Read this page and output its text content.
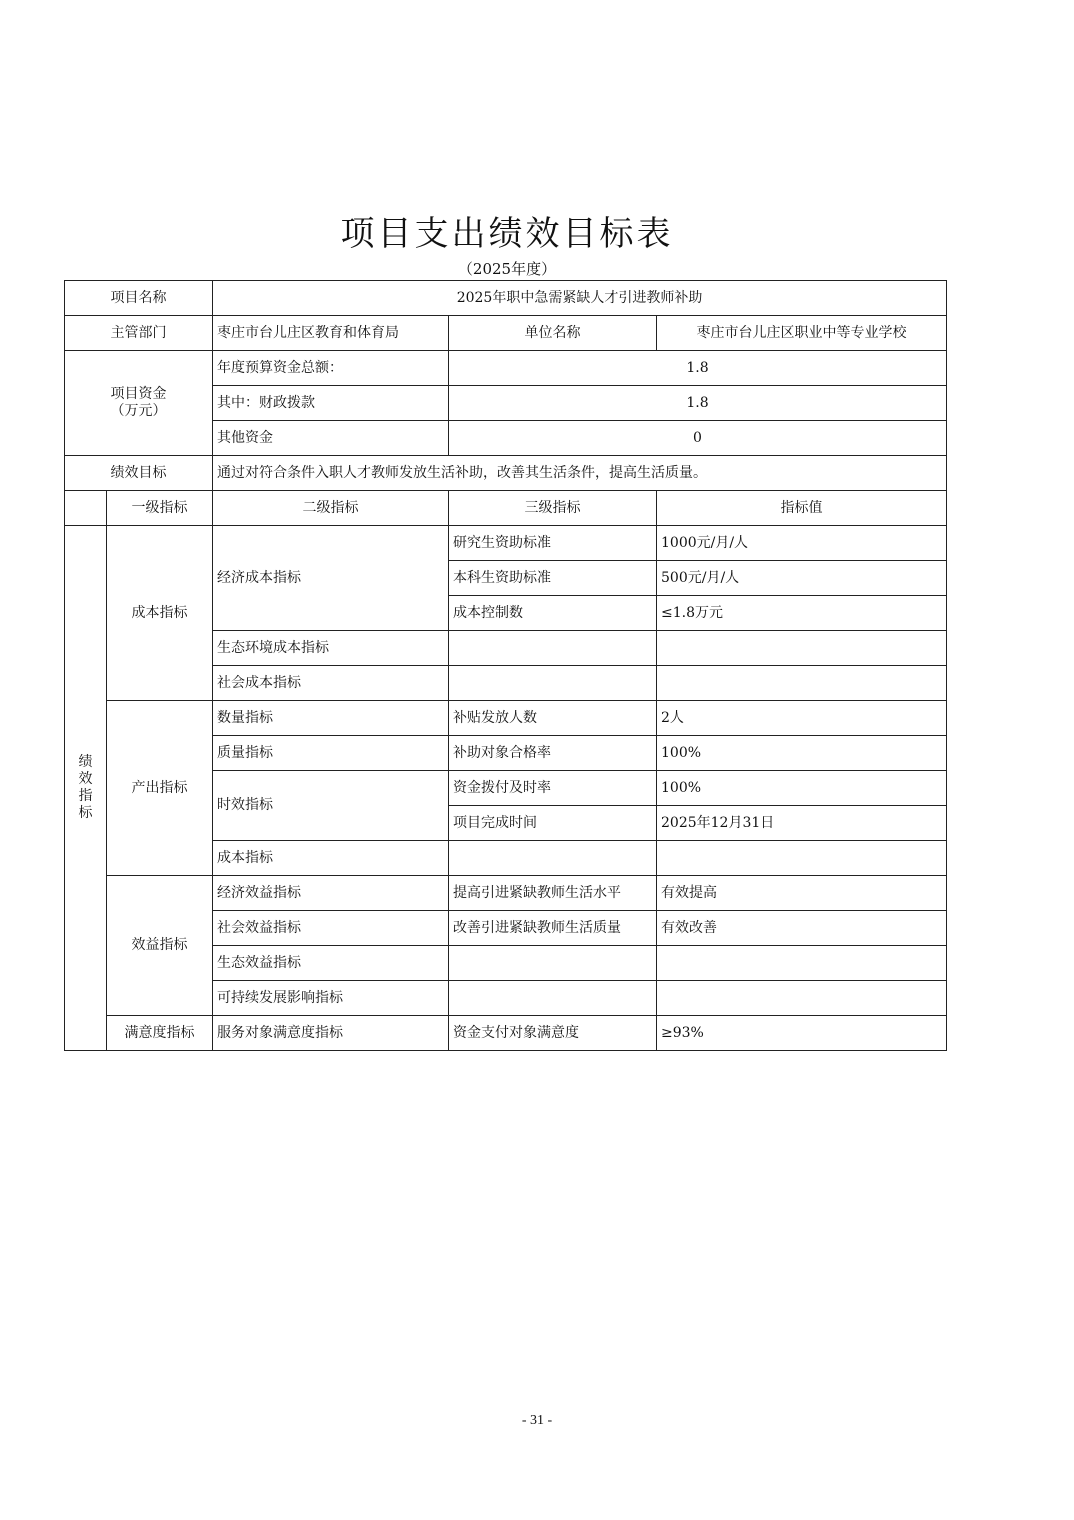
项目支出绩效目标表
（2025年度）
项目名称		2025年职中急需紧缺人才引进教师补助		
主管部门		枣庄市台儿庄区教育和体育局	单位名称	枣庄市台儿庄区职业中等专业学校

项目资金
（万元）		年度预算资金总额：	1.8	
		其中：财政拨款	1.8	
		其他资金	0	
绩效目标		通过对符合条件入职人才教师发放生活补助，改善其生活条件，提高生活质量。		
	一级指标	二级指标	三级指标	指标值

绩
效
指
标	成本指标	经济成本指标	研究生资助标准	1000元/月/人
			本科生资助标准	500元/月/人
			成本控制数	≤1.8万元
		生态环境成本指标		
		社会成本指标		
	产出指标	数量指标	补贴发放人数	2人
		质量指标	补助对象合格率	100%
		时效指标	资金拨付及时率	100%
			项目完成时间	2025年12月31日
		成本指标		
	效益指标	经济效益指标	提高引进紧缺教师生活水平	有效提高
		社会效益指标	改善引进紧缺教师生活质量	有效改善
		生态效益指标		
		可持续发展影响指标		
	满意度指标	服务对象满意度指标	资金支付对象满意度	≥93%
- 31 -
